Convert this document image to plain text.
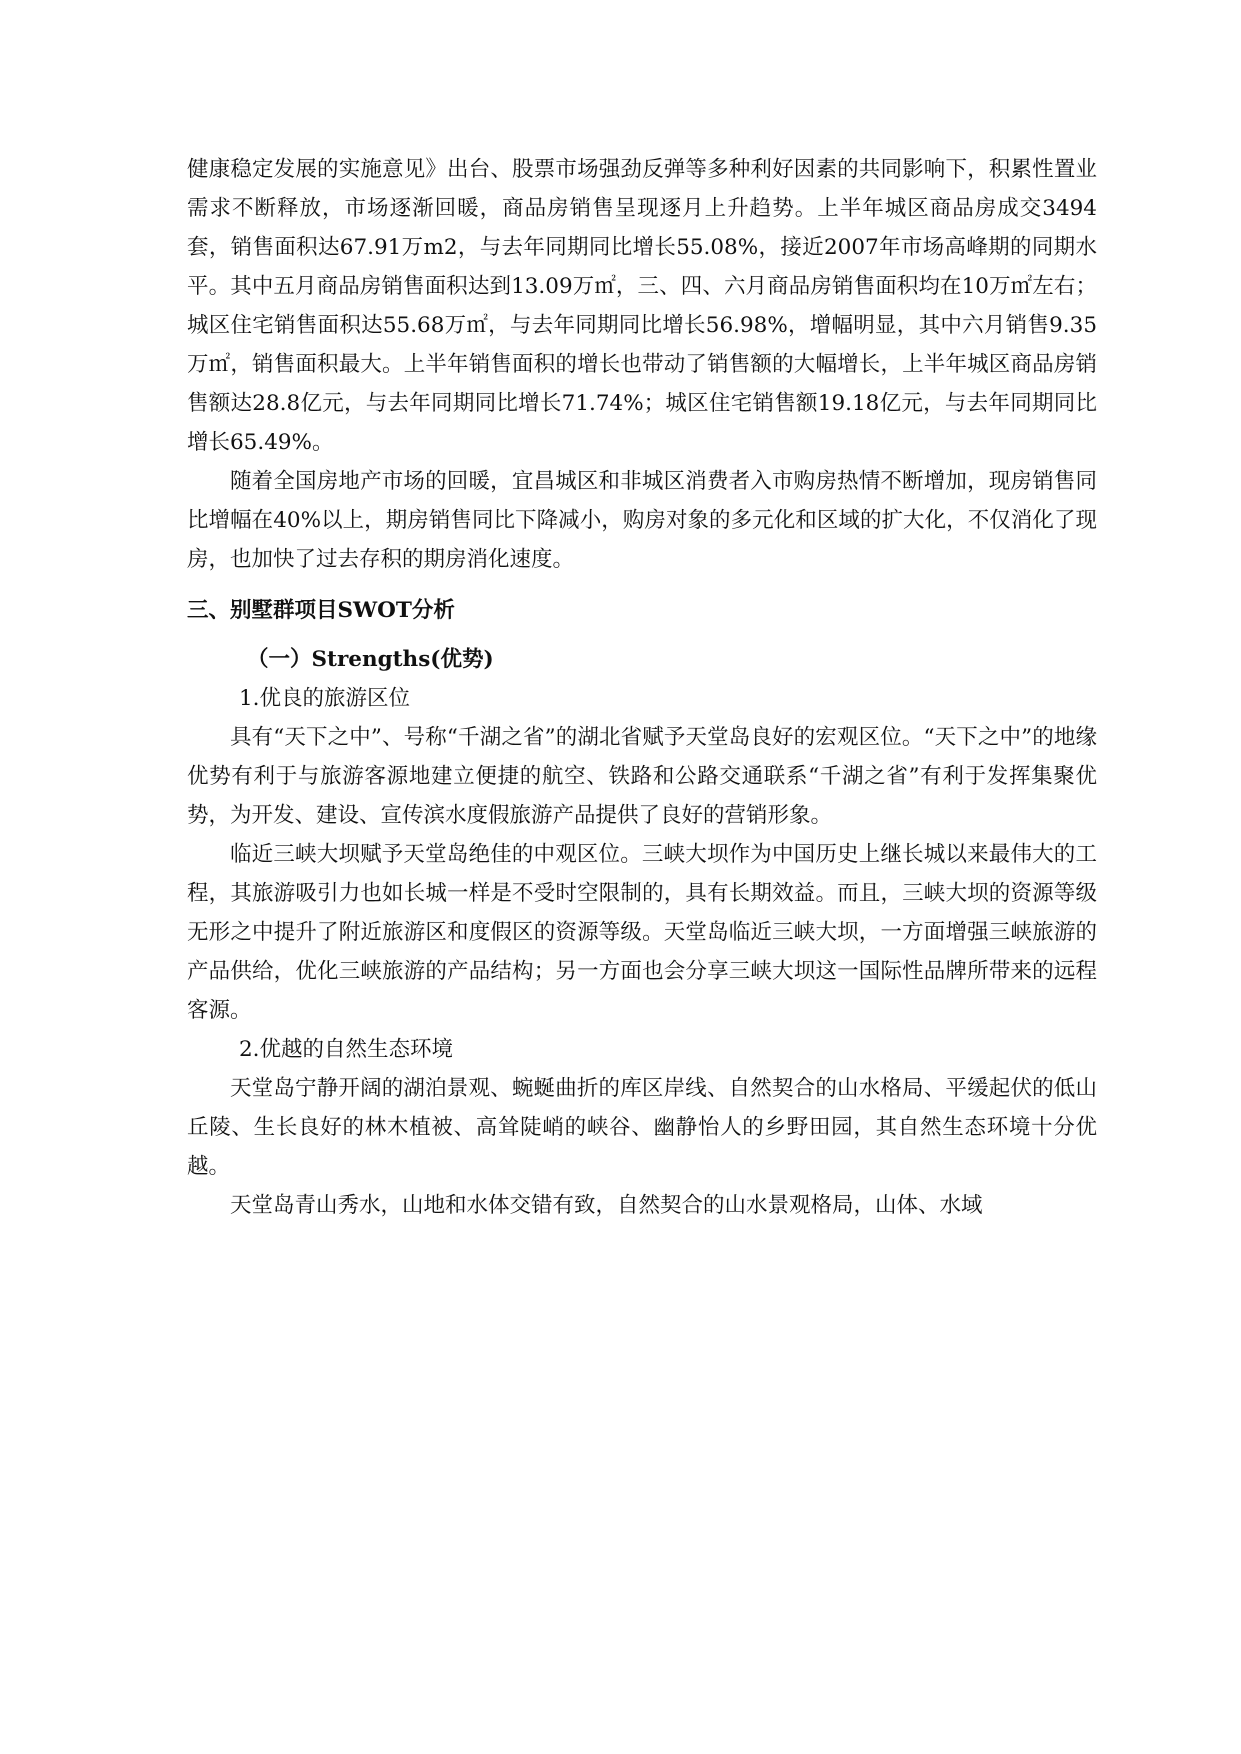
健康稳定发展的实施意见》出台、股票市场强劲反弹等多种利好因素的共同影响下，积累性置业需求不断释放，市场逐渐回暖，商品房销售呈现逐月上升趋势。上半年城区商品房成交3494套，销售面积达67.91万m2，与去年同期同比增长55.08%，接近2007年市场高峰期的同期水平。其中五月商品房销售面积达到13.09万㎡，三、四、六月商品房销售面积均在10万㎡左右；城区住宅销售面积达55.68万㎡，与去年同期同比增长56.98%，增幅明显，其中六月销售9.35万㎡，销售面积最大。上半年销售面积的增长也带动了销售额的大幅增长，上半年城区商品房销售额达28.8亿元，与去年同期同比增长71.74%；城区住宅销售额19.18亿元，与去年同期同比增长65.49%。

随着全国房地产市场的回暖，宜昌城区和非城区消费者入市购房热情不断增加，现房销售同比增幅在40%以上，期房销售同比下降减小，购房对象的多元化和区域的扩大化，不仅消化了现房，也加快了过去存积的期房消化速度。

三、别墅群项目SWOT分析
（一）Strengths(优势)
1.优良的旅游区位

具有“天下之中”、号称“千湖之省”的湖北省赋予天堂岛良好的宏观区位。“天下之中”的地缘优势有利于与旅游客源地建立便捷的航空、铁路和公路交通联系“千湖之省”有利于发挥集聚优势，为开发、建设、宣传滨水度假旅游产品提供了良好的营销形象。

临近三峡大坝赋予天堂岛绝佳的中观区位。三峡大坝作为中国历史上继长城以来最伟大的工程，其旅游吸引力也如长城一样是不受时空限制的，具有长期效益。而且，三峡大坝的资源等级无形之中提升了附近旅游区和度假区的资源等级。天堂岛临近三峡大坝，一方面增强三峡旅游的产品供给，优化三峡旅游的产品结构；另一方面也会分享三峡大坝这一国际性品牌所带来的远程客源。

2.优越的自然生态环境

天堂岛宁静开阔的湖泊景观、蜿蜒曲折的库区岸线、自然契合的山水格局、平缓起伏的低山丘陵、生长良好的林木植被、高耸陡峭的峡谷、幽静怡人的乡野田园，其自然生态环境十分优越。

天堂岛青山秀水，山地和水体交错有致，自然契合的山水景观格局，山体、水域
